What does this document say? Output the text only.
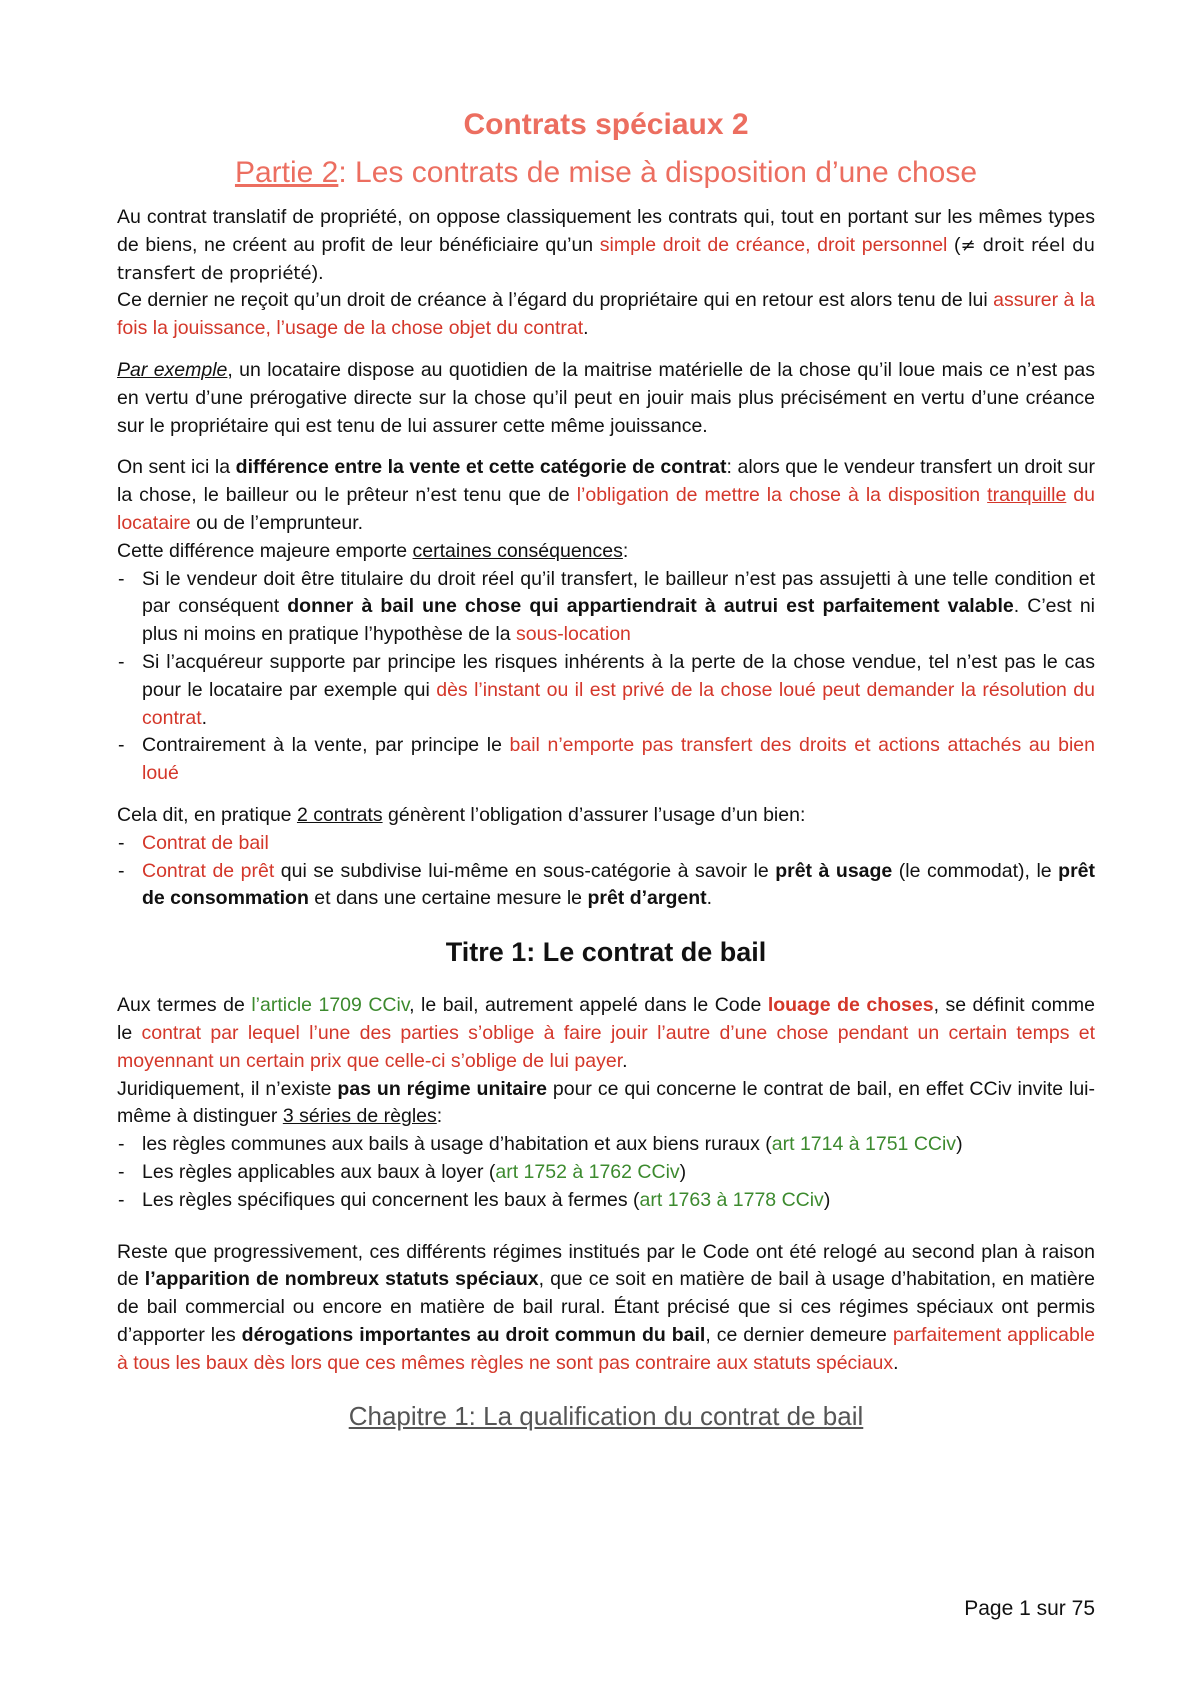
Contrats spéciaux 2
Partie 2: Les contrats de mise à disposition d’une chose

Au contrat translatif de propriété, on oppose classiquement les contrats qui, tout en portant sur les mêmes types de biens, ne créent au profit de leur bénéficiaire qu’un simple droit de créance, droit personnel (≠ droit réel du transfert de propriété).

Ce dernier ne reçoit qu’un droit de créance à l’égard du propriétaire qui en retour est alors tenu de lui assurer à la fois la jouissance, l’usage de la chose objet du contrat.

Par exemple, un locataire dispose au quotidien de la maitrise matérielle de la chose qu’il loue mais ce n’est pas en vertu d’une prérogative directe sur la chose qu’il peut en jouir mais plus précisément en vertu d’une créance sur le propriétaire qui est tenu de lui assurer cette même jouissance.

On sent ici la différence entre la vente et cette catégorie de contrat: alors que le vendeur transfert un droit sur la chose, le bailleur ou le prêteur n’est tenu que de l’obligation de mettre la chose à la disposition tranquille du locataire ou de l’emprunteur.

Cette différence majeure emporte certaines conséquences:

- Si le vendeur doit être titulaire du droit réel qu’il transfert, le bailleur n’est pas assujetti à une telle condition et par conséquent donner à bail une chose qui appartiendrait à autrui est parfaitement valable. C’est ni plus ni moins en pratique l’hypothèse de la sous-location
- Si l’acquéreur supporte par principe les risques inhérents à la perte de la chose vendue, tel n’est pas le cas pour le locataire par exemple qui dès l’instant ou il est privé de la chose loué peut demander la résolution du contrat.
- Contrairement à la vente, par principe le bail n’emporte pas transfert des droits et actions attachés au bien loué

Cela dit, en pratique 2 contrats génèrent l’obligation d’assurer l’usage d’un bien:

- Contrat de bail
- Contrat de prêt qui se subdivise lui-même en sous-catégorie à savoir le prêt à usage (le commodat), le prêt de consommation et dans une certaine mesure le prêt d’argent.
Titre 1: Le contrat de bail

Aux termes de l’article 1709 CCiv, le bail, autrement appelé dans le Code louage de choses, se définit comme le contrat par lequel l’une des parties s’oblige à faire jouir l’autre d’une chose pendant un certain temps et moyennant un certain prix que celle-ci s’oblige de lui payer.

Juridiquement, il n’existe pas un régime unitaire pour ce qui concerne le contrat de bail, en effet CCiv invite lui-même à distinguer 3 séries de règles:

- les règles communes aux bails à usage d’habitation et aux biens ruraux (art 1714 à 1751 CCiv)
- Les règles applicables aux baux à loyer (art 1752 à 1762 CCiv)
- Les règles spécifiques qui concernent les baux à fermes (art 1763 à 1778 CCiv)

Reste que progressivement, ces différents régimes institués par le Code ont été relogé au second plan à raison de l’apparition de nombreux statuts spéciaux, que ce soit en matière de bail à usage d’habitation, en matière de bail commercial ou encore en matière de bail rural. Étant précisé que si ces régimes spéciaux ont permis d’apporter les dérogations importantes au droit commun du bail, ce dernier demeure parfaitement applicable à tous les baux dès lors que ces mêmes règles ne sont pas contraire aux statuts spéciaux.

Chapitre 1: La qualification du contrat de bail
Page 1 sur 75
